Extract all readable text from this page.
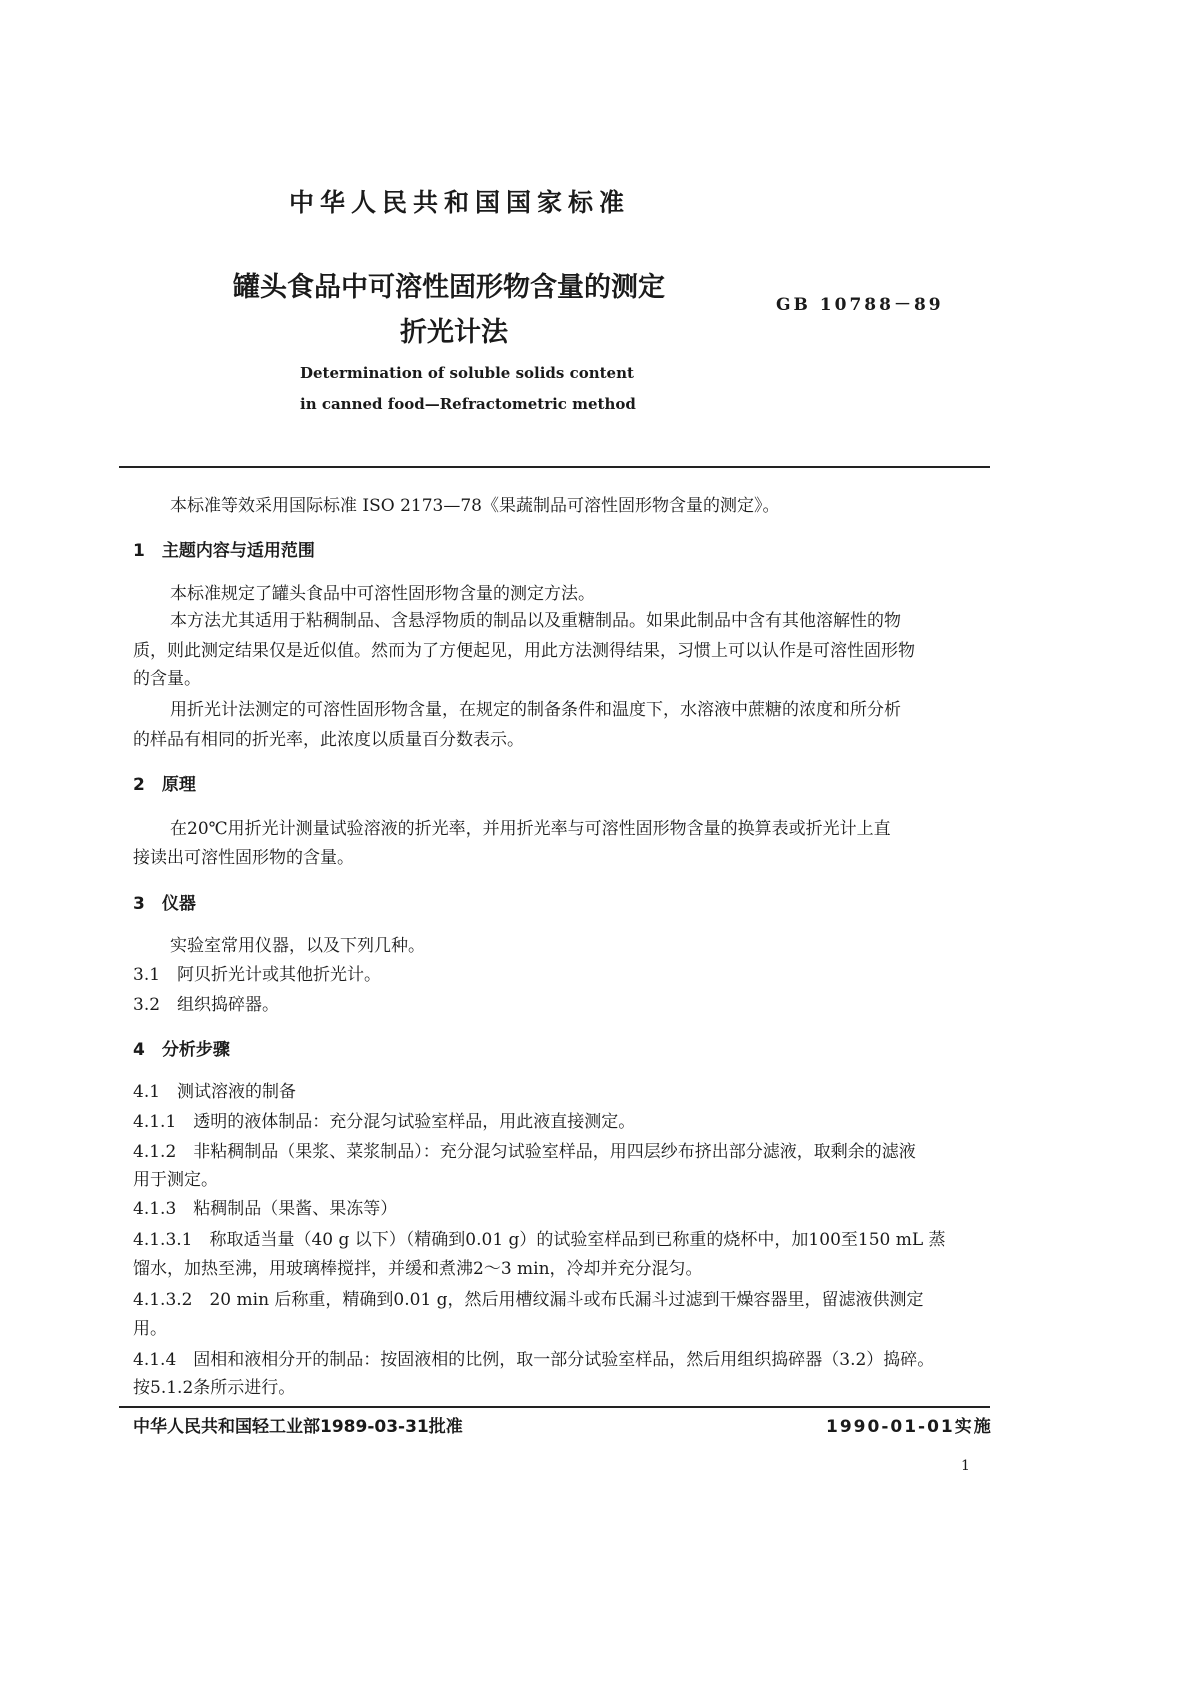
中华人民共和国国家标准
罐头食品中可溶性固形物含量的测定
折光计法
GB 10788－89
Determination of soluble solids content
in canned food—Refractometric method
本标准等效采用国际标准 ISO 2173—78《果蔬制品可溶性固形物含量的测定》。
1　主题内容与适用范围
本标准规定了罐头食品中可溶性固形物含量的测定方法。
本方法尤其适用于粘稠制品、含悬浮物质的制品以及重糖制品。如果此制品中含有其他溶解性的物
质，则此测定结果仅是近似值。然而为了方便起见，用此方法测得结果，习惯上可以认作是可溶性固形物
的含量。
用折光计法测定的可溶性固形物含量，在规定的制备条件和温度下，水溶液中蔗糖的浓度和所分析
的样品有相同的折光率，此浓度以质量百分数表示。
2　原理
在20℃用折光计测量试验溶液的折光率，并用折光率与可溶性固形物含量的换算表或折光计上直
接读出可溶性固形物的含量。
3　仪器
实验室常用仪器，以及下列几种。
3.1　阿贝折光计或其他折光计。
3.2　组织捣碎器。
4　分析步骤
4.1　测试溶液的制备
4.1.1　透明的液体制品：充分混匀试验室样品，用此液直接测定。
4.1.2　非粘稠制品（果浆、菜浆制品）：充分混匀试验室样品，用四层纱布挤出部分滤液，取剩余的滤液
用于测定。
4.1.3　粘稠制品（果酱、果冻等）
4.1.3.1　称取适当量（40 g 以下）（精确到0.01 g）的试验室样品到已称重的烧杯中，加100至150 mL 蒸
馏水，加热至沸，用玻璃棒搅拌，并缓和煮沸2～3 min，冷却并充分混匀。
4.1.3.2　20 min 后称重，精确到0.01 g，然后用槽纹漏斗或布氏漏斗过滤到干燥容器里，留滤液供测定
用。
4.1.4　固相和液相分开的制品：按固液相的比例，取一部分试验室样品，然后用组织捣碎器（3.2）捣碎。
按5.1.2条所示进行。
中华人民共和国轻工业部1989-03-31批准	1990-01-01实施
1
